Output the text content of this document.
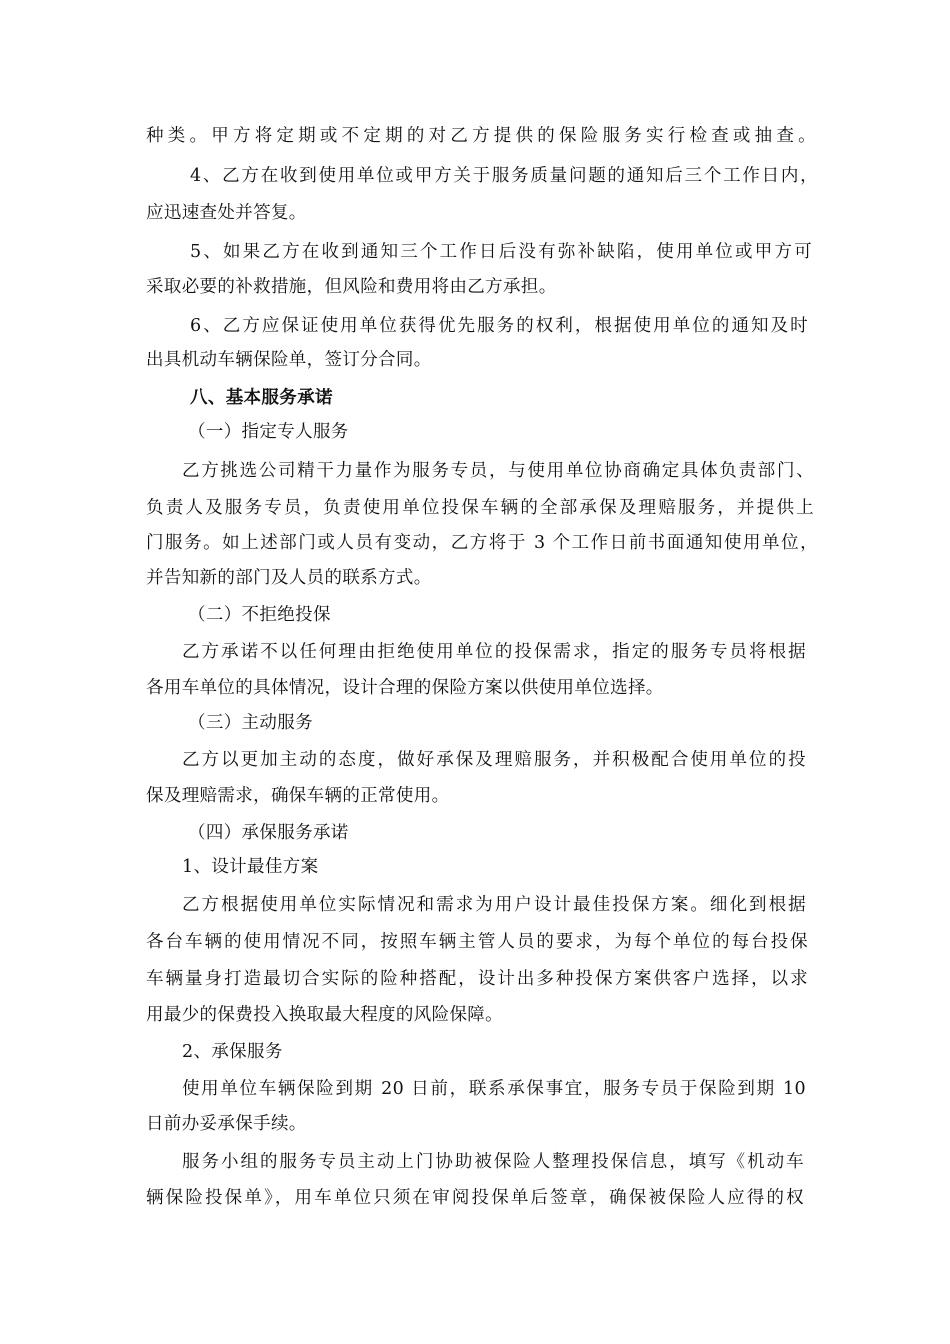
种类。甲方将定期或不定期的对乙方提供的保险服务实行检查或抽查。
4、乙方在收到使用单位或甲方关于服务质量问题的通知后三个工作日内，
应迅速查处并答复。
5、如果乙方在收到通知三个工作日后没有弥补缺陷，使用单位或甲方可
采取必要的补救措施，但风险和费用将由乙方承担。
6、乙方应保证使用单位获得优先服务的权利，根据使用单位的通知及时
出具机动车辆保险单，签订分合同。
八、基本服务承诺
（一）指定专人服务
乙方挑选公司精干力量作为服务专员，与使用单位协商确定具体负责部门、
负责人及服务专员，负责使用单位投保车辆的全部承保及理赔服务，并提供上
门服务。如上述部门或人员有变动，乙方将于 3 个工作日前书面通知使用单位，
并告知新的部门及人员的联系方式。
（二）不拒绝投保
乙方承诺不以任何理由拒绝使用单位的投保需求，指定的服务专员将根据
各用车单位的具体情况，设计合理的保险方案以供使用单位选择。
（三）主动服务
乙方以更加主动的态度，做好承保及理赔服务，并积极配合使用单位的投
保及理赔需求，确保车辆的正常使用。
（四）承保服务承诺
1、设计最佳方案
乙方根据使用单位实际情况和需求为用户设计最佳投保方案。细化到根据
各台车辆的使用情况不同，按照车辆主管人员的要求，为每个单位的每台投保
车辆量身打造最切合实际的险种搭配，设计出多种投保方案供客户选择，以求
用最少的保费投入换取最大程度的风险保障。
2、承保服务
使用单位车辆保险到期 20 日前，联系承保事宜，服务专员于保险到期 10
日前办妥承保手续。
服务小组的服务专员主动上门协助被保险人整理投保信息，填写《机动车
辆保险投保单》，用车单位只须在审阅投保单后签章，确保被保险人应得的权
